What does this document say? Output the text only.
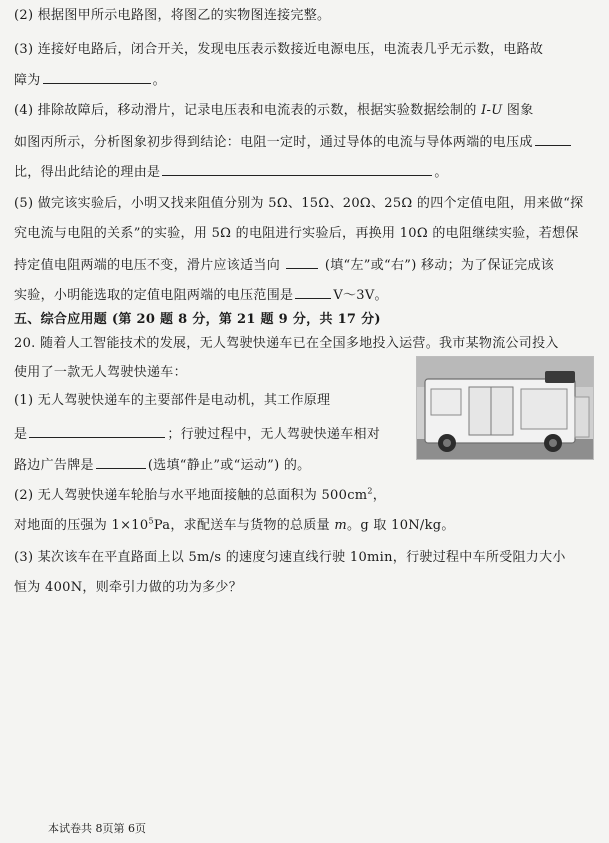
(2) 根据图甲所示电路图，将图乙的实物图连接完整。
(3) 连接好电路后，闭合开关，发现电压表示数接近电源电压，电流表几乎无示数，电路故
障为	。
(4) 排除故障后，移动滑片，记录电压表和电流表的示数，根据实验数据绘制的 I-U 图象
如图丙所示，分析图象初步得到结论：电阻一定时，通过导体的电流与导体两端的电压成
比，得出此结论的理由是	。
(5) 做完该实验后，小明又找来阻值分别为 5Ω、15Ω、20Ω、25Ω 的四个定值电阻，用来做“探
究电流与电阻的关系”的实验，用 5Ω 的电阻进行实验后，再换用 10Ω 的电阻继续实验，若想保
持定值电阻两端的电压不变，滑片应该适当向	(填“左”或“右”) 移动；为了保证完成该
实验，小明能选取的定值电阻两端的电压范围是	V～3V。
五、综合应用题 (第 20 题 8 分，第 21 题 9 分，共 17 分)
20. 随着人工智能技术的发展，无人驾驶快递车已在全国多地投入运营。我市某物流公司投入
使用了一款无人驾驶快递车：
(1) 无人驾驶快递车的主要部件是电动机，其工作原理
是	；行驶过程中，无人驾驶快递车相对
路边广告牌是	(选填“静止”或“运动”) 的。
(2) 无人驾驶快递车轮胎与水平地面接触的总面积为 $500cm^2$，
对地面的压强为 $1\times 10^5Pa$，求配送车与货物的总质量 m。g 取 10N/kg。
(3) 某次该车在平直路面上以 5m/s 的速度匀速直线行驶 10min，行驶过程中车所受阻力大小
恒为 400N，则牵引力做的功为多少？
本试卷共 8页第 6页
